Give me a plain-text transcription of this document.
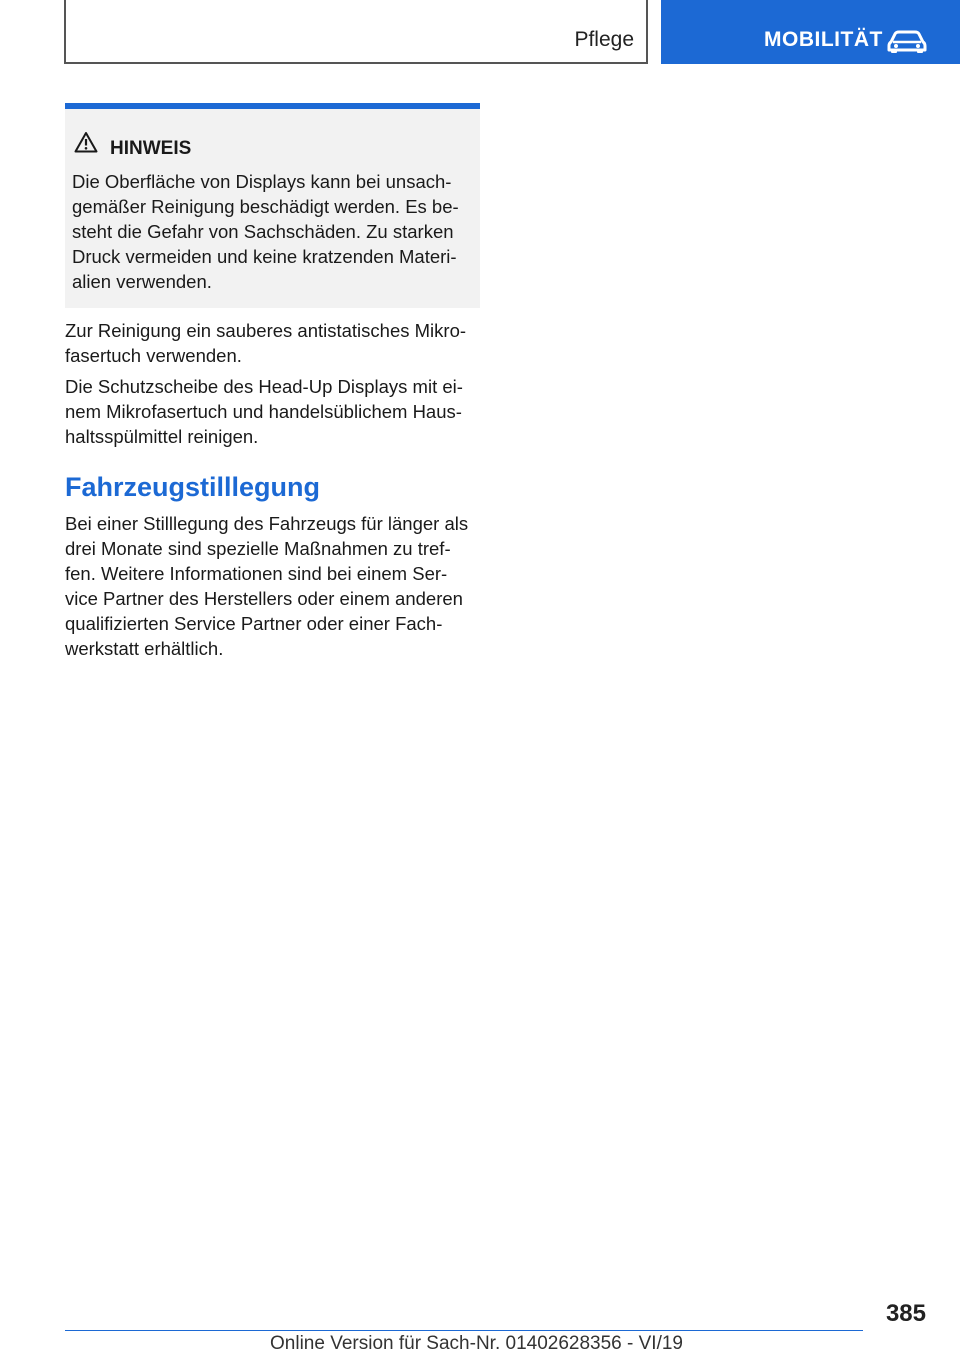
Pflege	MOBILITÄT
HINWEIS

Die Oberfläche von Displays kann bei unsach- gemäßer Reinigung beschädigt werden. Es be- steht die Gefahr von Sachschäden. Zu starken Druck vermeiden und keine kratzenden Materi- alien verwenden.

Zur Reinigung ein sauberes antistatisches Mikro- fasertuch verwenden.

Die Schutzscheibe des Head-Up Displays mit ei- nem Mikrofasertuch und handelsüblichem Haus- haltsspülmittel reinigen.

Fahrzeugstilllegung

Bei einer Stilllegung des Fahrzeugs für länger als drei Monate sind spezielle Maßnahmen zu tref- fen. Weitere Informationen sind bei einem Ser- vice Partner des Herstellers oder einem anderen qualifizierten Service Partner oder einer Fach- werkstatt erhältlich.

385
Online Version für Sach-Nr. 01402628356 - VI/19
